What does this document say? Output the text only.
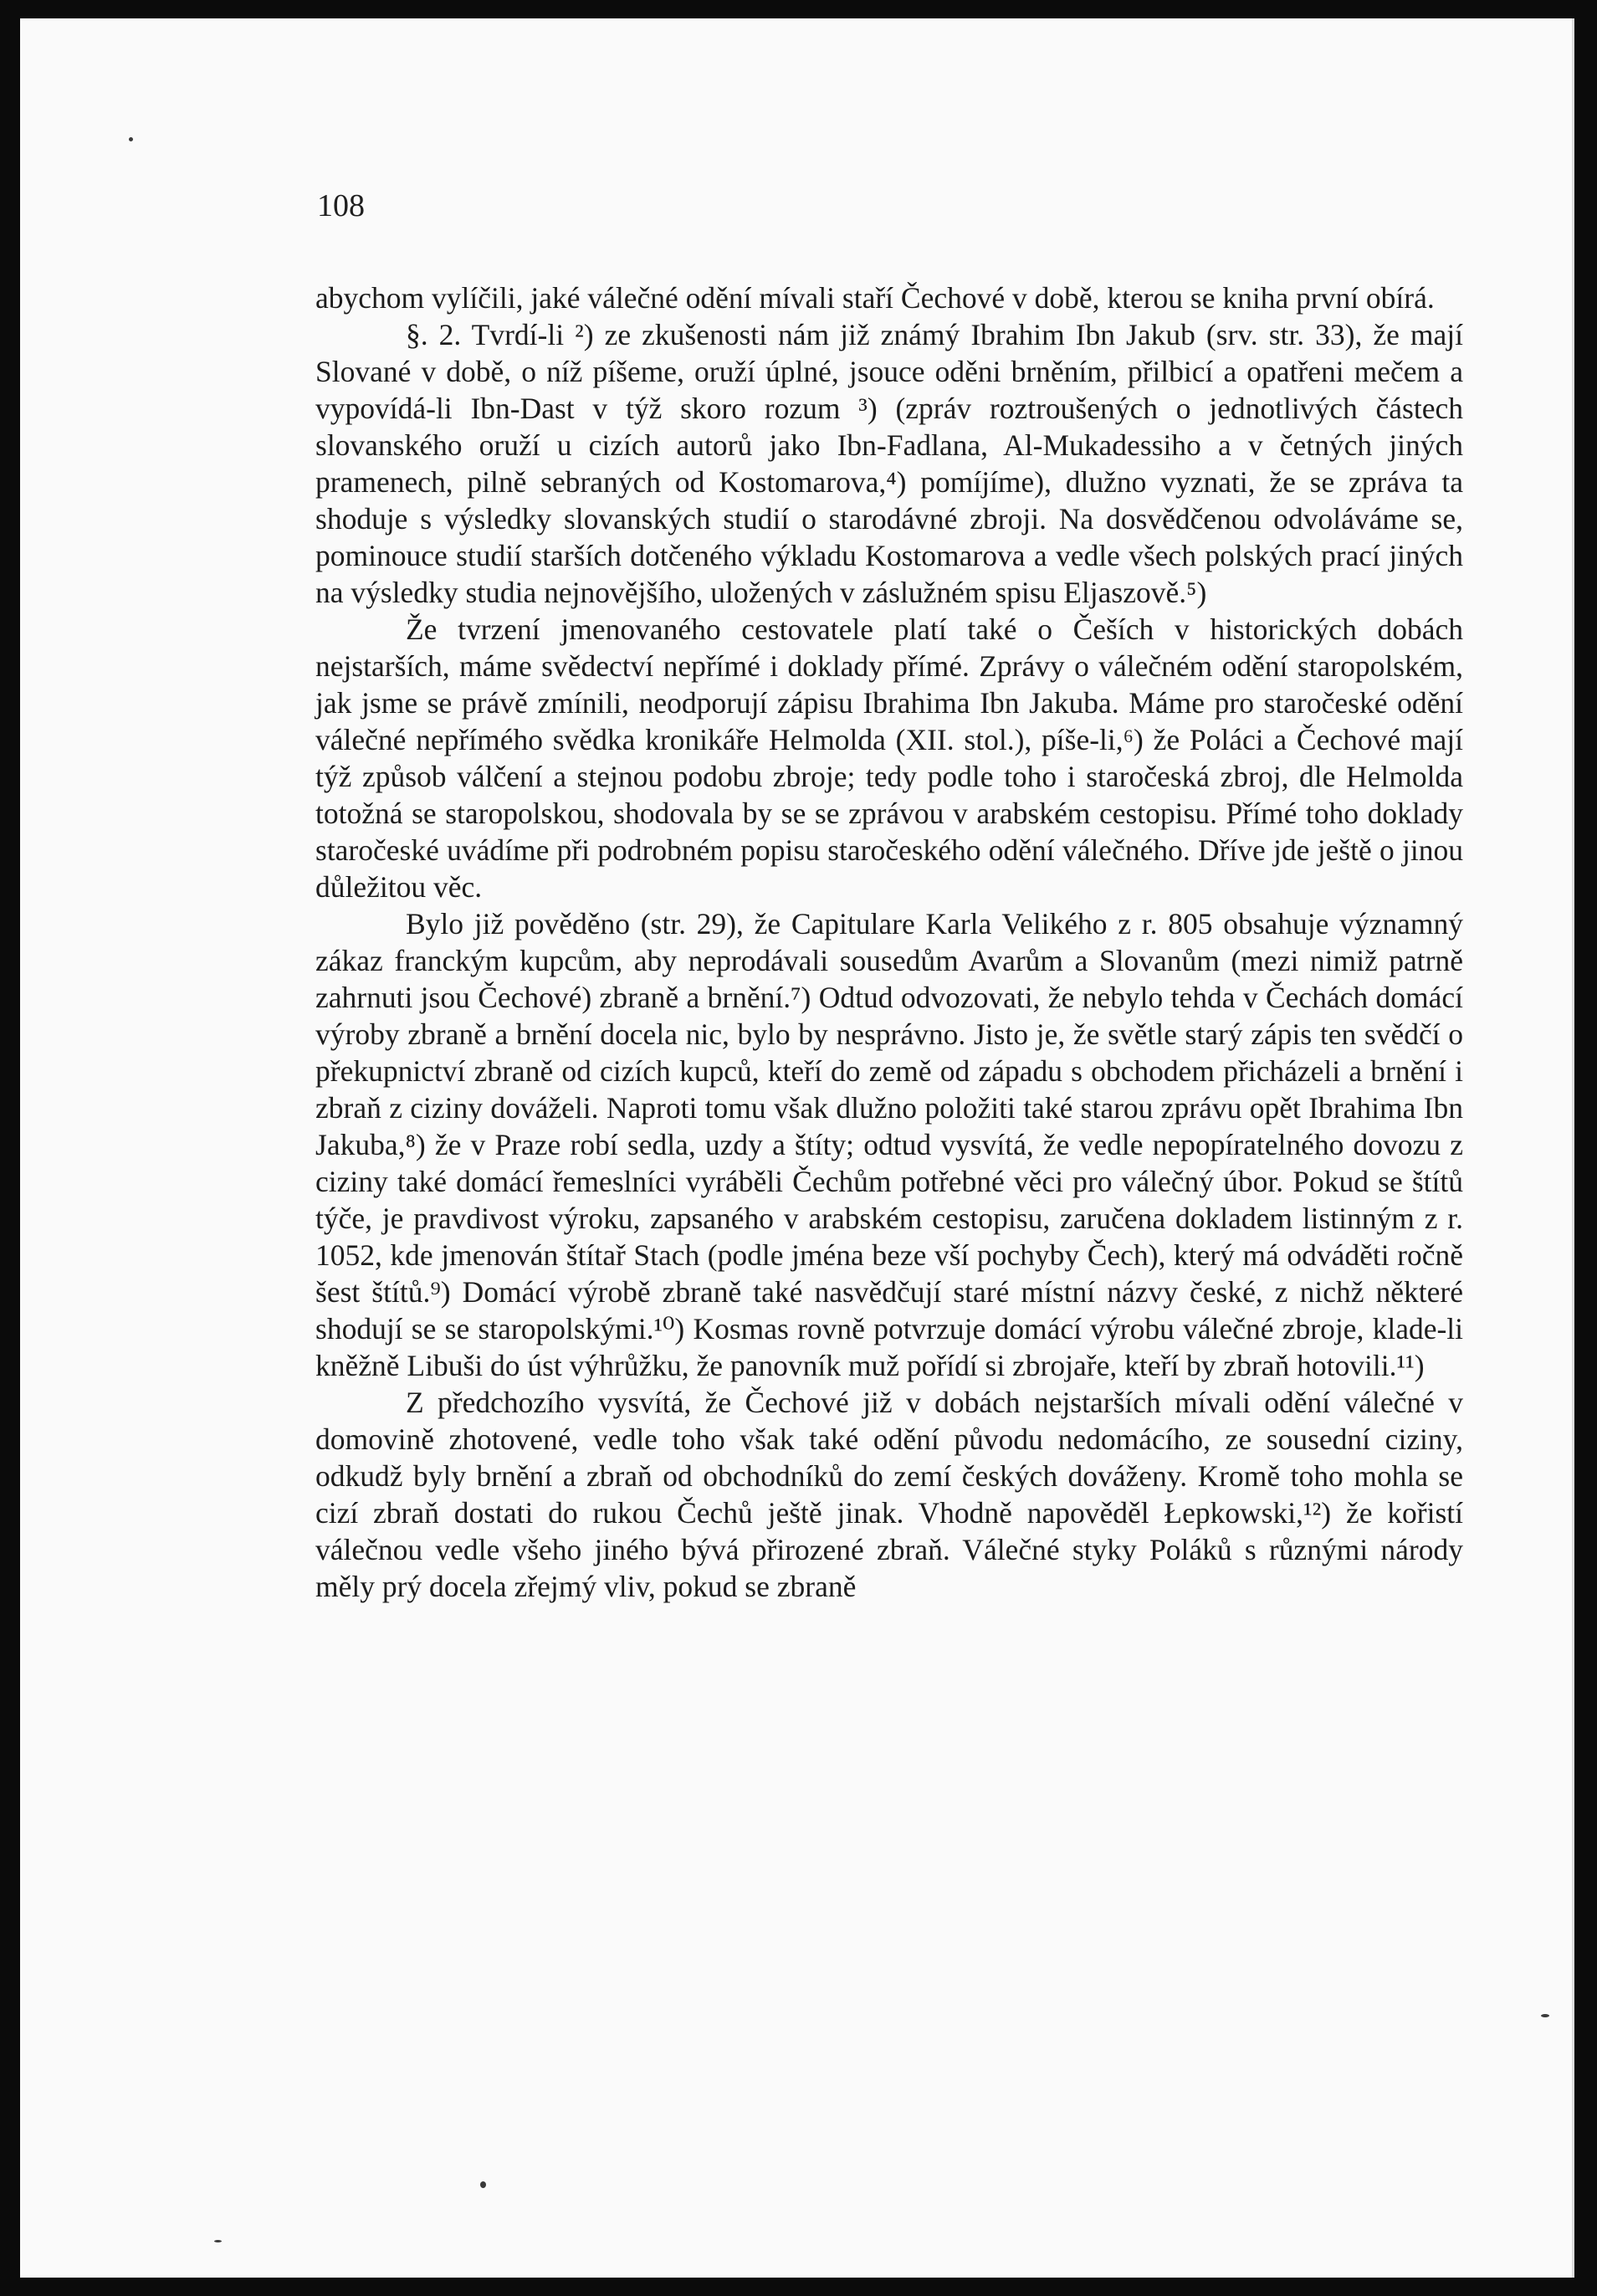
108

abychom vylíčili, jaké válečné odění mívali staří Čechové v době, kterou se kniha první obírá.

§. 2. Tvrdí-li ²) ze zkušenosti nám již známý Ibrahim Ibn Jakub (srv. str. 33), že mají Slované v době, o níž píšeme, oruží úplné, jsouce oděni brněním, přilbicí a opatřeni mečem a vypovídá-li Ibn-Dast v týž skoro rozum ³) (zpráv roztroušených o jednotlivých částech slovanského oruží u cizích autorů jako Ibn-Fadlana, Al-Mukadessiho a v četných jiných pramenech, pilně sebraných od Kostomarova,⁴) pomíjíme), dlužno vyznati, že se zpráva ta shoduje s výsledky slovanských studií o starodávné zbroji. Na dosvědčenou odvoláváme se, pominouce studií starších dotčeného výkladu Kostomarova a vedle všech polských prací jiných na výsledky studia nejnovějšího, uložených v záslužném spisu Eljaszově.⁵)

Že tvrzení jmenovaného cestovatele platí také o Češích v historických dobách nejstarších, máme svědectví nepřímé i doklady přímé. Zprávy o válečném odění staropolském, jak jsme se právě zmínili, neodporují zápisu Ibrahima Ibn Jakuba. Máme pro staročeské odění válečné nepřímého svědka kronikáře Helmolda (XII. stol.), píše-li,⁶) že Poláci a Čechové mají týž způsob válčení a stejnou podobu zbroje; tedy podle toho i staročeská zbroj, dle Helmolda totožná se staropolskou, shodovala by se se zprávou v arabském cestopisu. Přímé toho doklady staročeské uvádíme při podrobném popisu staročeského odění válečného. Dříve jde ještě o jinou důležitou věc.

Bylo již pověděno (str. 29), že Capitulare Karla Velikého z r. 805 obsahuje významný zákaz franckým kupcům, aby neprodávali sousedům Avarům a Slovanům (mezi nimiž patrně zahrnuti jsou Čechové) zbraně a brnění.⁷) Odtud odvozovati, že nebylo tehda v Čechách domácí výroby zbraně a brnění docela nic, bylo by nesprávno. Jisto je, že světle starý zápis ten svědčí o překupnictví zbraně od cizích kupců, kteří do země od západu s obchodem přicházeli a brnění i zbraň z ciziny dováželi. Naproti tomu však dlužno položiti také starou zprávu opět Ibrahima Ibn Jakuba,⁸) že v Praze robí sedla, uzdy a štíty; odtud vysvítá, že vedle nepopíratelného dovozu z ciziny také domácí řemeslníci vyráběli Čechům potřebné věci pro válečný úbor. Pokud se štítů týče, je pravdivost výroku, zapsaného v arabském cestopisu, zaručena dokladem listinným z r. 1052, kde jmenován štítař Stach (podle jména beze vší pochyby Čech), který má odváděti ročně šest štítů.⁹) Domácí výrobě zbraně také nasvědčují staré místní názvy české, z nichž některé shodují se se staropolskými.¹⁰) Kosmas rovně potvrzuje domácí výrobu válečné zbroje, klade-li kněžně Libuši do úst výhrůžku, že panovník muž pořídí si zbrojaře, kteří by zbraň hotovili.¹¹)

Z předchozího vysvítá, že Čechové již v dobách nejstarších mívali odění válečné v domovině zhotovené, vedle toho však také odění původu nedomácího, ze sousední ciziny, odkudž byly brnění a zbraň od obchodníků do zemí českých dováženy. Kromě toho mohla se cizí zbraň dostati do rukou Čechů ještě jinak. Vhodně napověděl Łepkowski,¹²) že kořistí válečnou vedle všeho jiného bývá přirozené zbraň. Válečné styky Poláků s různými národy měly prý docela zřejmý vliv, pokud se zbraně
